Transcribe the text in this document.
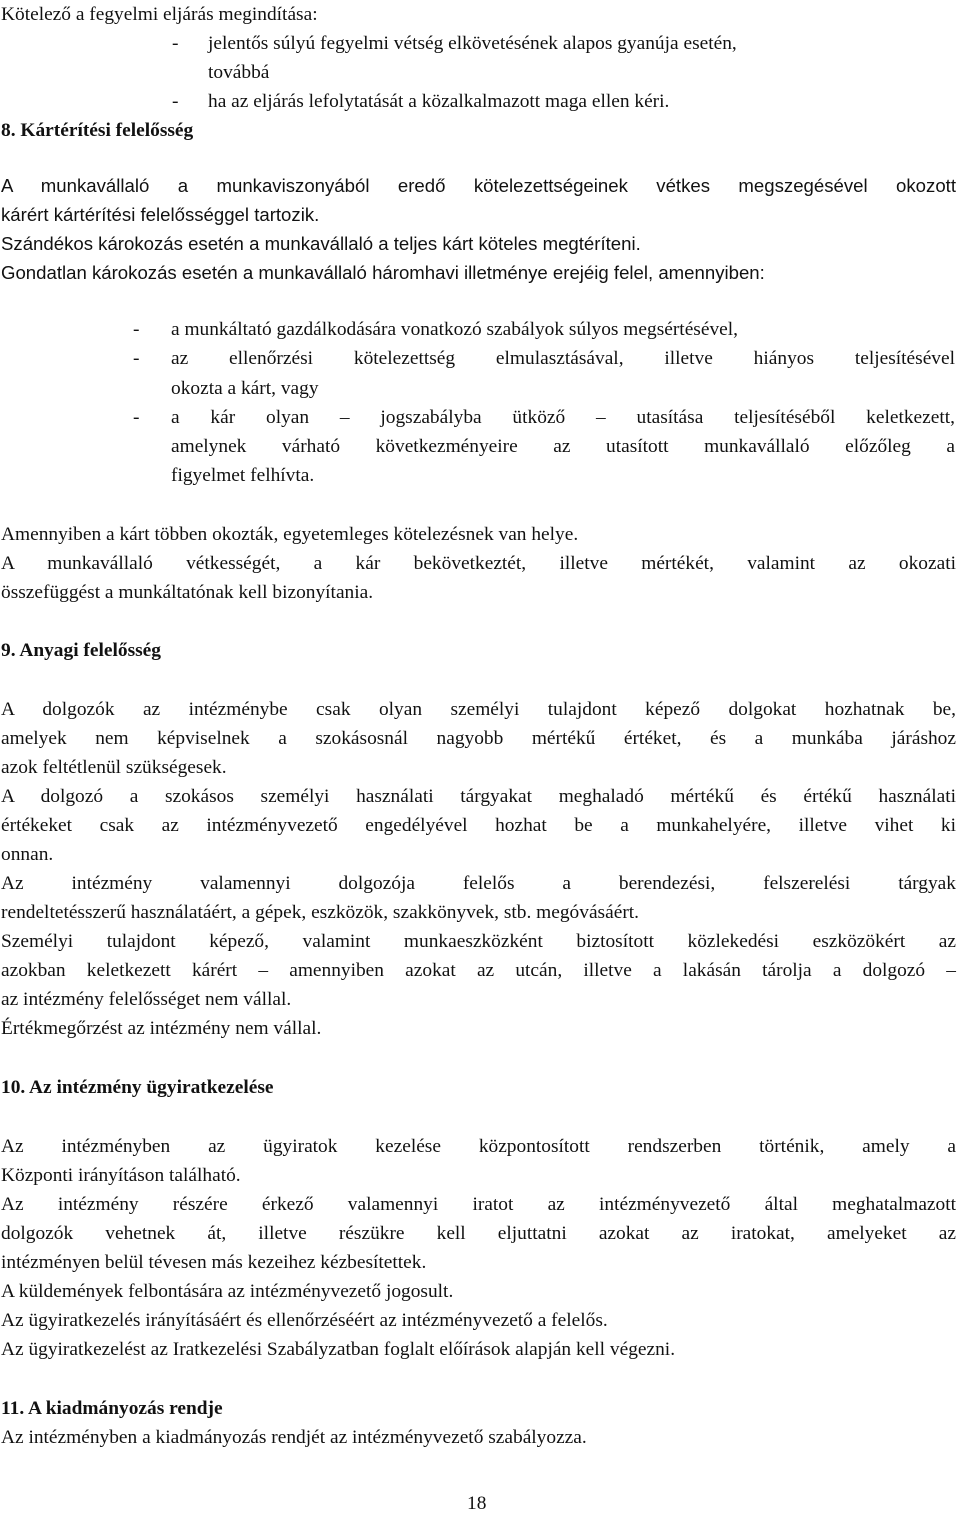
Kötelező a fegyelmi eljárás megindítása:
- jelentős súlyú fegyelmi vétség elkövetésének alapos gyanúja esetén,
továbbá
- ha az eljárás lefolytatását a közalkalmazott maga ellen kéri.
8. Kártérítési felelősség
A munkavállaló a munkaviszonyából eredő kötelezettségeinek vétkes megszegésével okozott
kárért kártérítési felelősséggel tartozik.
Szándékos károkozás esetén a munkavállaló a teljes kárt köteles megtéríteni.
Gondatlan károkozás esetén a munkavállaló háromhavi illetménye erejéig felel, amennyiben:
- a munkáltató gazdálkodására vonatkozó szabályok súlyos megsértésével,
- az ellenőrzési kötelezettség elmulasztásával, illetve hiányos teljesítésével
okozta a kárt, vagy
- a kár olyan – jogszabályba ütköző – utasítása teljesítéséből keletkezett,
amelynek várható következményeire az utasított munkavállaló előzőleg a
figyelmet felhívta.
Amennyiben a kárt többen okozták, egyetemleges kötelezésnek van helye.
A munkavállaló vétkességét, a kár bekövetkeztét, illetve mértékét, valamint az okozati
összefüggést a munkáltatónak kell bizonyítania.
9. Anyagi felelősség
A dolgozók az intézménybe csak olyan személyi tulajdont képező dolgokat hozhatnak be,
amelyek nem képviselnek a szokásosnál nagyobb mértékű értéket, és a munkába járáshoz
azok feltétlenül szükségesek.
A dolgozó a szokásos személyi használati tárgyakat meghaladó mértékű és értékű használati
értékeket csak az intézményvezető engedélyével hozhat be a munkahelyére, illetve vihet ki
onnan.
Az intézmény valamennyi dolgozója felelős a berendezési, felszerelési tárgyak
rendeltetésszerű használatáért, a gépek, eszközök, szakkönyvek, stb. megóvásáért.
Személyi tulajdont képező, valamint munkaeszközként biztosított közlekedési eszközökért az
azokban keletkezett kárért – amennyiben azokat az utcán, illetve a lakásán tárolja a dolgozó –
az intézmény felelősséget nem vállal.
Értékmegőrzést az intézmény nem vállal.
10. Az intézmény ügyiratkezelése
Az intézményben az ügyiratok kezelése központosított rendszerben történik, amely a
Központi irányításon található.
Az intézmény részére érkező valamennyi iratot az intézményvezető által meghatalmazott
dolgozók vehetnek át, illetve részükre kell eljuttatni azokat az iratokat, amelyeket az
intézményen belül tévesen más kezeihez kézbesítettek.
A küldemények felbontására az intézményvezető jogosult.
Az ügyiratkezelés irányításáért és ellenőrzéséért az intézményvezető a felelős.
Az ügyiratkezelést az Iratkezelési Szabályzatban foglalt előírások alapján kell végezni.
11. A kiadmányozás rendje
Az intézményben a kiadmányozás rendjét az intézményvezető szabályozza.
18
